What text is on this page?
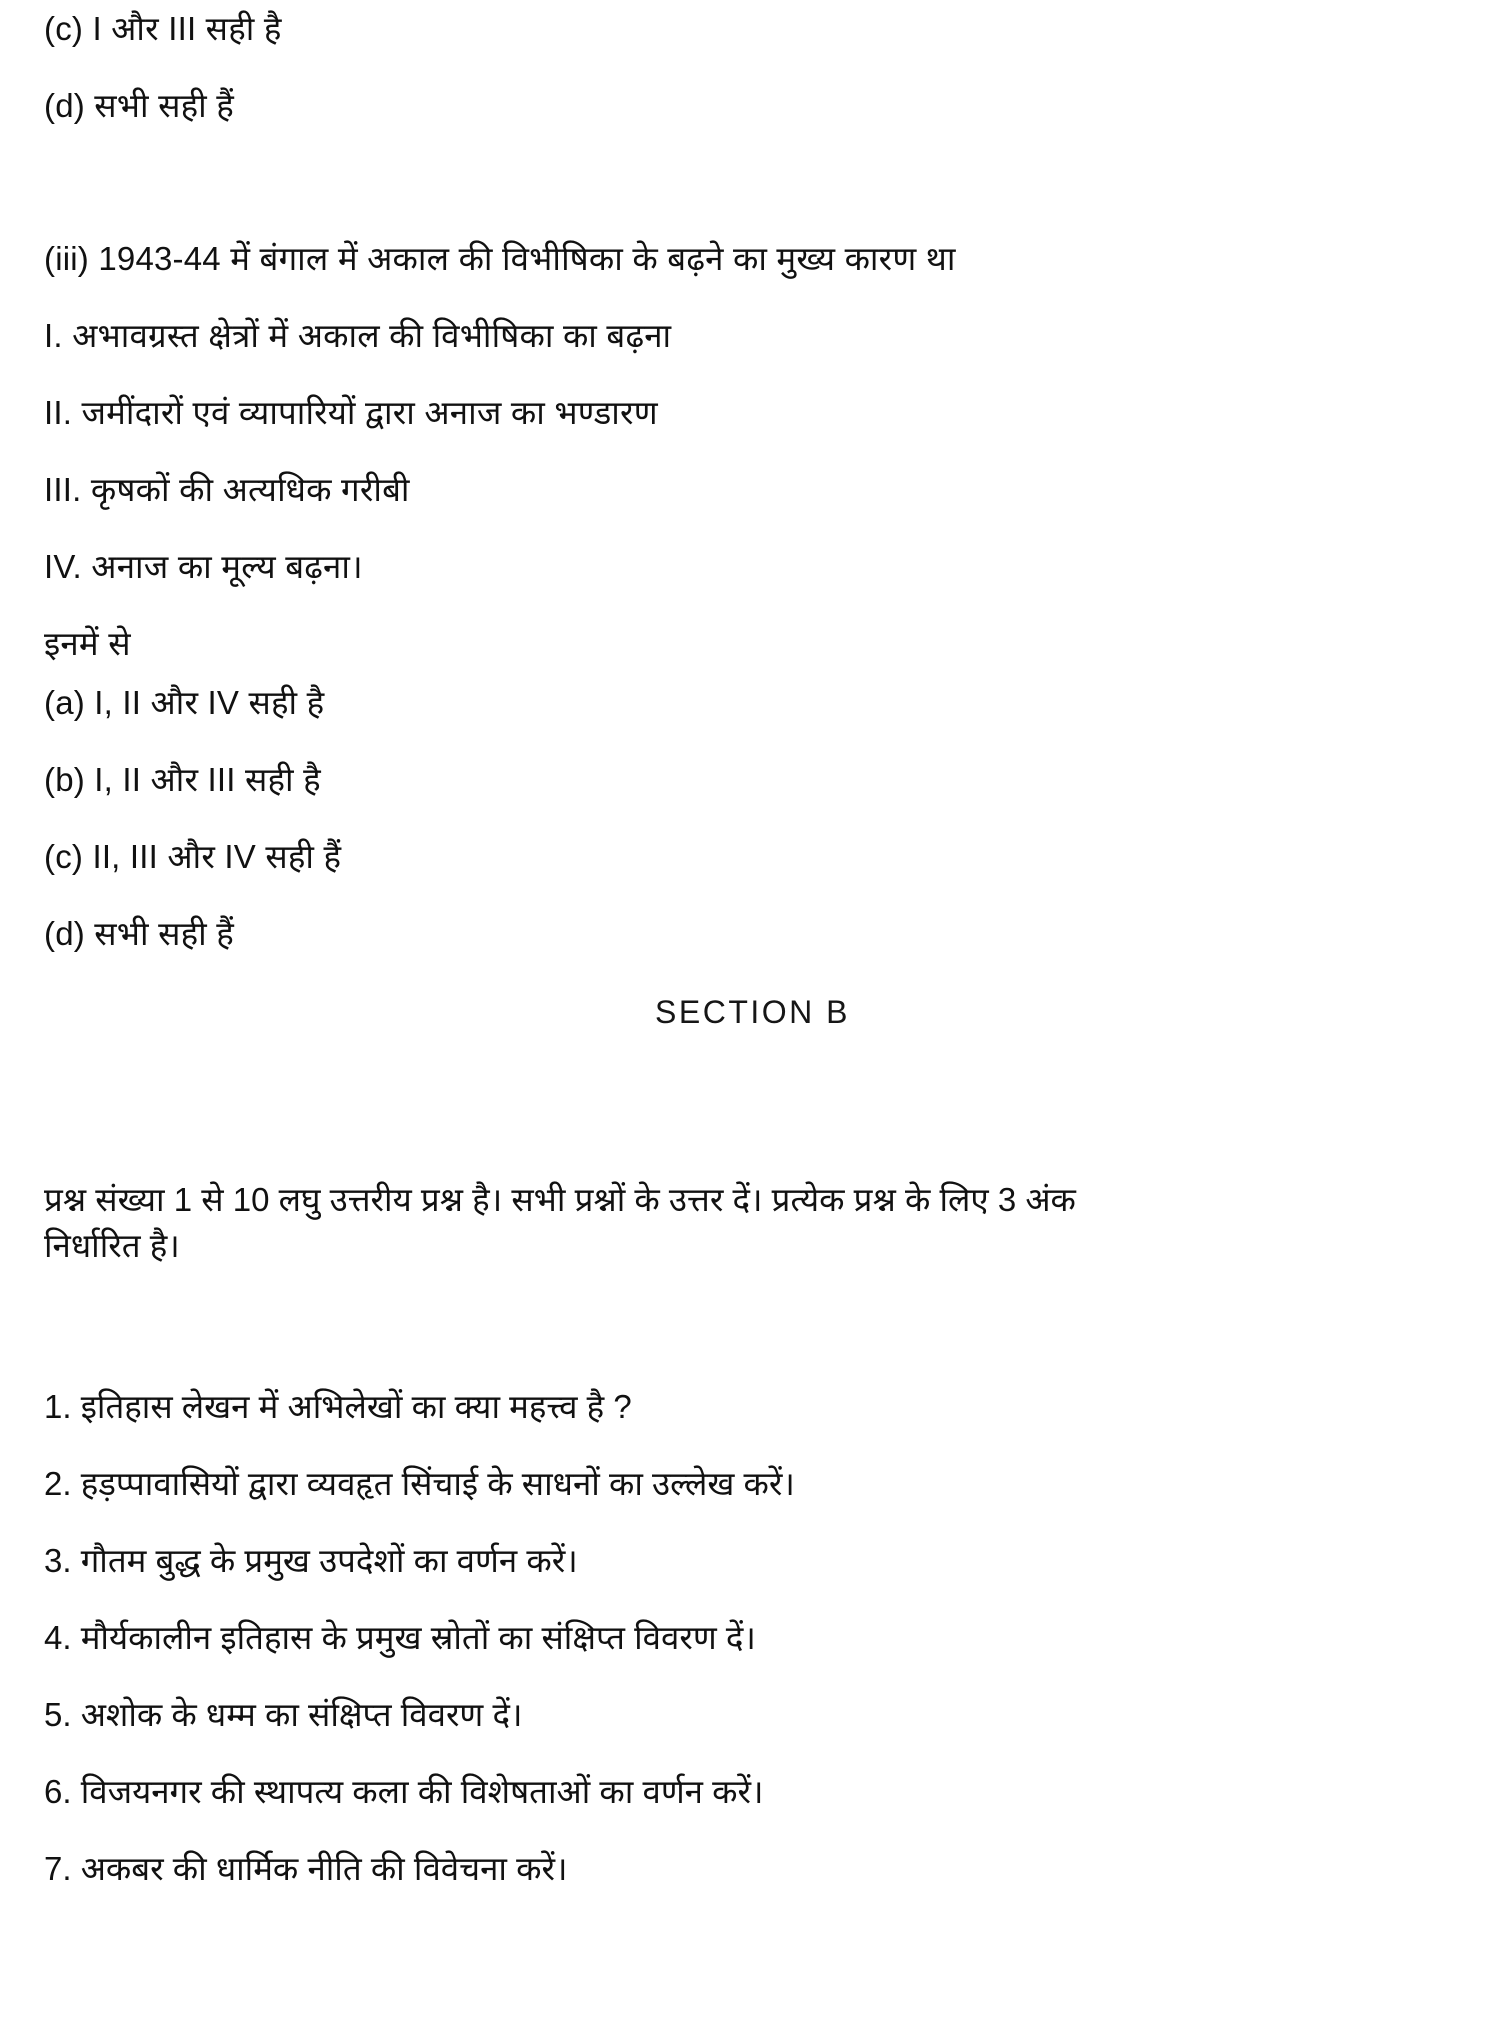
(c) I और III सही है
(d) सभी सही हैं
(iii) 1943-44 में बंगाल में अकाल की विभीषिका के बढ़ने का मुख्य कारण था
I. अभावग्रस्त क्षेत्रों में अकाल की विभीषिका का बढ़ना
II. जमींदारों एवं व्यापारियों द्वारा अनाज का भण्डारण
III. कृषकों की अत्यधिक गरीबी
IV. अनाज का मूल्य बढ़ना।
इनमें से
(a) I, II और IV सही है
(b) I, II और III सही है
(c) II, III और IV सही हैं
(d) सभी सही हैं
SECTION B
प्रश्न संख्या 1 से 10 लघु उत्तरीय प्रश्न है। सभी प्रश्नों के उत्तर दें। प्रत्येक प्रश्न के लिए 3 अंक निर्धारित है।
1. इतिहास लेखन में अभिलेखों का क्या महत्त्व है ?
2. हड़प्पावासियों द्वारा व्यवहृत सिंचाई के साधनों का उल्लेख करें।
3. गौतम बुद्ध के प्रमुख उपदेशों का वर्णन करें।
4. मौर्यकालीन इतिहास के प्रमुख स्रोतों का संक्षिप्त विवरण दें।
5. अशोक के धम्म का संक्षिप्त विवरण दें।
6. विजयनगर की स्थापत्य कला की विशेषताओं का वर्णन करें।
7. अकबर की धार्मिक नीति की विवेचना करें।
